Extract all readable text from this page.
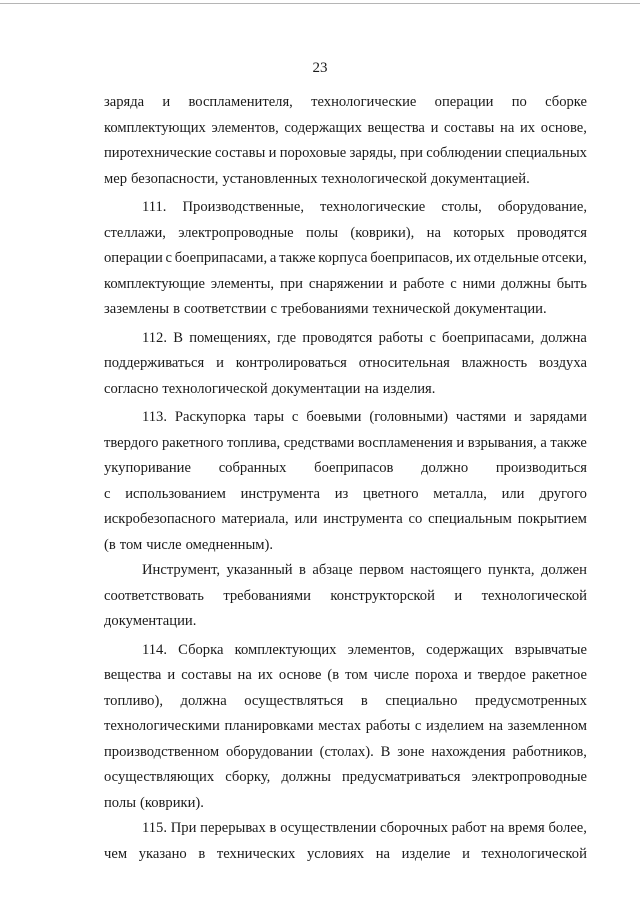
23
заряда и воспламенителя, технологические операции по сборке
комплектующих элементов, содержащих вещества и составы на их основе,
пиротехнические составы и пороховые заряды, при соблюдении специальных
мер безопасности, установленных технологической документацией.
111. Производственные, технологические столы, оборудование,
стеллажи, электропроводные полы (коврики), на которых проводятся
операции с боеприпасами, а также корпуса боеприпасов, их отдельные отсеки,
комплектующие элементы, при снаряжении и работе с ними должны быть
заземлены в соответствии с требованиями технической документации.
112. В помещениях, где проводятся работы с боеприпасами, должна
поддерживаться и контролироваться относительная влажность воздуха
согласно технологической документации на изделия.
113. Раскупорка тары с боевыми (головными) частями и зарядами
твердого ракетного топлива, средствами воспламенения и взрывания, а также
укупоривание собранных боеприпасов должно производиться
с использованием инструмента из цветного металла, или другого
искробезопасного материала, или инструмента со специальным покрытием
(в том числе омедненным).
Инструмент, указанный в абзаце первом настоящего пункта, должен
соответствовать требованиями конструкторской и технологической
документации.
114. Сборка комплектующих элементов, содержащих взрывчатые
вещества и составы на их основе (в том числе пороха и твердое ракетное
топливо), должна осуществляться в специально предусмотренных
технологическими планировками местах работы с изделием на заземленном
производственном оборудовании (столах). В зоне нахождения работников,
осуществляющих сборку, должны предусматриваться электропроводные
полы (коврики).
115. При перерывах в осуществлении сборочных работ на время более,
чем указано в технических условиях на изделие и технологической
